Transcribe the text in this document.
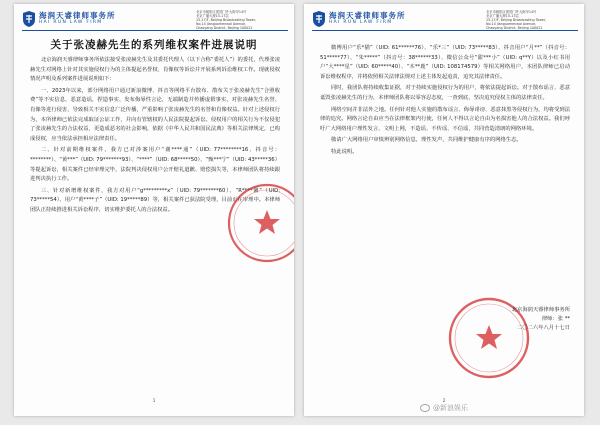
海润天睿律师事务所
HAI RUN LAW FIRM
北京市朝阳区建国门外大街甲14号
北京广播大厦15-17层
15-17/F, Beijing Broadcasting Tower,
No.14 Jianguomenwai Avenue,
Chaoyang District, Beijing 100022
关于张凌赫先生的系列维权案件进展说明

北京海润天睿律师事务所依法接受张凌赫先生及其委托代理人（以下合称“委托人”）的委托，代理张凌赫先生对网络上针对其实施侵权行为的主体提起名誉权、肖像权等诉讼并开展系列诉讼维权工作。现就侵权情况声明及系列案件进展说明如下：

一、2023年以来，部分网络用户通过新浪微博、抖音等网络平台散布、散布关于张凌赫先生“合照收费”等不实信息，恶意造谣，捏造事实、发布侮辱性言论，无端制造并传播虚假事实，对张凌赫先生名誉、肖像等进行侵害，导致相关不实信息广泛传播，严重影响了张凌赫先生的名誉和肖像权益。针对上述侵权行为，本所律师已依法完成取证公证工作，并向有管辖权的人民法院提起诉讼。侵权用户的相关行为不仅侵犯了张凌赫先生的合法权益，更造成恶劣的社会影响，依据《中华人民共和国民法典》等相关法律规定，已构成侵权，应当依法承担相应法律责任。

二、针对前期维权案件，我方已对涉案用户“谢****通”（UID: 77********16、抖音号：********）、“黄***”（UID: 79*******93）、“****”（UID: 68*****50）、“甄***宁”（UID: 43*****36）等提起诉讼，相关案件已经审理完毕，法院判决侵权用户公开赔礼道歉、赔偿损失等，本律师团队将持续跟进判决执行工作。

三、针对新增维权案件，我方对用户“g*********x”（UID: 79*******60）、“R****馨”（UID: 73*****54）、用户“黄****子”（UID: 19*****89）等，相关案件已获法院受理，目前正在审理中。本律师团队正持续推进相关诉讼程序，切实维护委托人的合法权益。

1
海润天睿律师事务所
HAI RUN LAW FIRM
北京市朝阳区建国门外大街甲14号
北京广播大厦15-17层
15-17/F, Beijing Broadcasting Tower,
No.14 Jianguomenwai Avenue,
Chaoyang District, Beijing 100022

微博用户“乐*猫”（UID: 61******76）、“乐*三”（UID: 73*****83）、抖音用户“月**”（抖音号：51*****77）、“朱*****”（抖音号：38******33）、微信公众号“甜***小”（UID: q**Y）以及小红书用户“大****星”（UID: 60*****40）、“木**鹿”（UID: 108174579）等相关网络用户，本团队律师已启动诉讼维权程序，并将依照相关法律法规对上述主体发起追责，追究其法律责任。

同时，我团队将持续收集证据，对于持续实施侵权行为的用户，将依法提起诉讼。对于散布谣言、恶意诋毁张凌赫先生的行为，本律师团队将以零容忍态度，一查到底，坚决追究侵权主体的法律责任。

网络空间并非法外之地。任何针对他人实施的散布谣言、侮辱诽谤、恶意抹黑等侵权行为，均将受到法律的追究。网络言论自由应当在法律框架内行使，任何人不得以言论自由为名损害他人的合法权益。我们呼吁广大网络用户理性发言、文明上网，不造谣、不传谣、不信谣，共同营造清朗的网络环境。

敬请广大网络用户审慎辨别网络信息，理性发声，共同维护健康有序的网络生态。

特此说明。

北京海润天睿律师事务所
律师：张 **
二〇二六年八月十七日
2
@新浪娱乐
